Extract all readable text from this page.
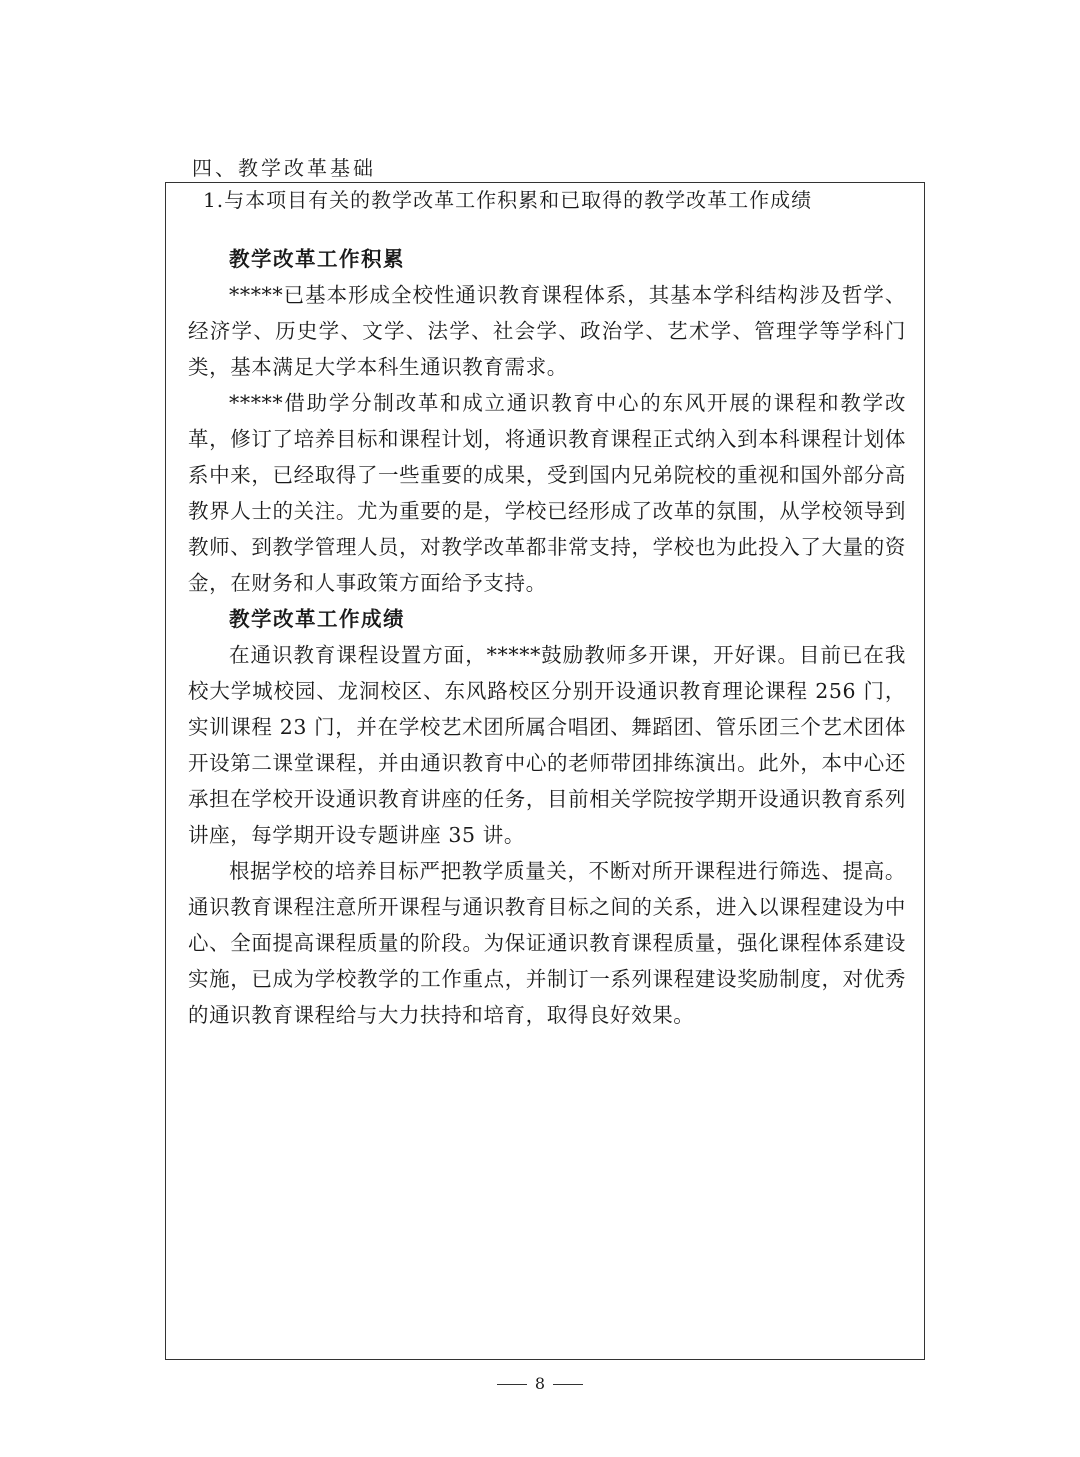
四、教学改革基础
1.与本项目有关的教学改革工作积累和已取得的教学改革工作成绩
教学改革工作积累

*****已基本形成全校性通识教育课程体系，其基本学科结构涉及哲学、经济学、历史学、文学、法学、社会学、政治学、艺术学、管理学等学科门类，基本满足大学本科生通识教育需求。

*****借助学分制改革和成立通识教育中心的东风开展的课程和教学改革，修订了培养目标和课程计划，将通识教育课程正式纳入到本科课程计划体系中来，已经取得了一些重要的成果，受到国内兄弟院校的重视和国外部分高教界人士的关注。尤为重要的是，学校已经形成了改革的氛围，从学校领导到教师、到教学管理人员，对教学改革都非常支持，学校也为此投入了大量的资金，在财务和人事政策方面给予支持。

教学改革工作成绩

在通识教育课程设置方面，*****鼓励教师多开课，开好课。目前已在我校大学城校园、龙洞校区、东风路校区分别开设通识教育理论课程 256 门，实训课程 23 门，并在学校艺术团所属合唱团、舞蹈团、管乐团三个艺术团体开设第二课堂课程，并由通识教育中心的老师带团排练演出。此外，本中心还承担在学校开设通识教育讲座的任务，目前相关学院按学期开设通识教育系列讲座，每学期开设专题讲座 35 讲。

根据学校的培养目标严把教学质量关，不断对所开课程进行筛选、提高。通识教育课程注意所开课程与通识教育目标之间的关系，进入以课程建设为中心、全面提高课程质量的阶段。为保证通识教育课程质量，强化课程体系建设实施，已成为学校教学的工作重点，并制订一系列课程建设奖励制度，对优秀的通识教育课程给与大力扶持和培育，取得良好效果。

8
